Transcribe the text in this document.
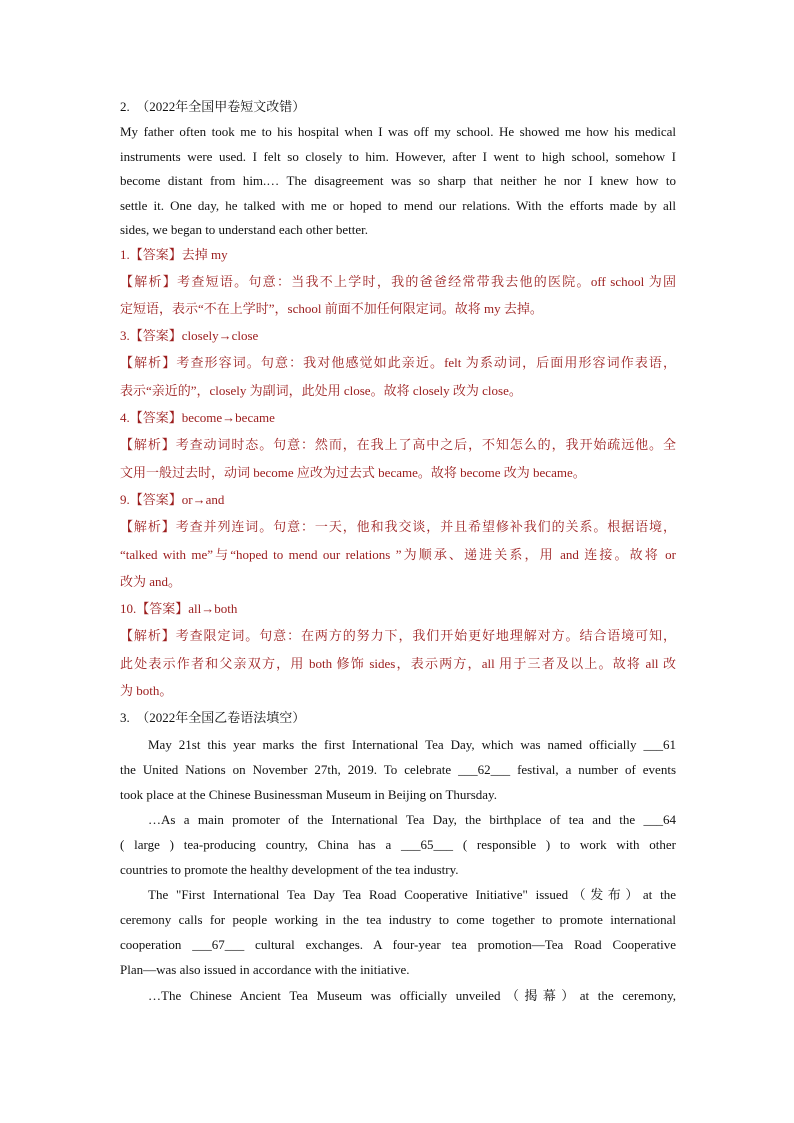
2.　（2022年全国甲卷短文改错）
My father often took me to his hospital when I was off my school. He showed me how his medical
instruments were used. I felt so closely to him. However, after I went to high school, somehow I
become distant from him.… The disagreement was so sharp that neither he nor I knew how to
settle it. One day, he talked with me or hoped to mend our relations. With the efforts made by all
sides, we began to understand each other better.
1.【答案】去掉 my
【解析】考查短语。句意：当我不上学时，我的爸爸经常带我去他的医院。off school 为固
定短语，表示“不在上学时”，school 前面不加任何限定词。故将 my 去掉。
3.【答案】closely→close
【解析】考查形容词。句意：我对他感觉如此亲近。felt 为系动词，后面用形容词作表语，
表示“亲近的”，closely 为副词，此处用 close。故将 closely 改为 close。
4.【答案】become→became
【解析】考查动词时态。句意：然而，在我上了高中之后，不知怎么的，我开始疏远他。全
文用一般过去时，动词 become 应改为过去式 became。故将 become 改为 became。
9.【答案】or→and
【解析】考查并列连词。句意：一天，他和我交谈，并且希望修补我们的关系。根据语境，
“talked with me”与“hoped to mend our relations ”为顺承、递进关系，用 and 连接。故将 or
改为 and。
10.【答案】all→both
【解析】考查限定词。句意：在两方的努力下，我们开始更好地理解对方。结合语境可知，
此处表示作者和父亲双方，用 both 修饰 sides，表示两方，all 用于三者及以上。故将 all 改
为 both。
3.　（2022年全国乙卷语法填空）
May 21st this year marks the first International Tea Day, which was named officially ___61
the United Nations on November 27th, 2019. To celebrate ___62___ festival, a number of events
took place at the Chinese Businessman Museum in Beijing on Thursday.
…As a main promoter of the International Tea Day, the birthplace of tea and the ___64
( large ) tea-producing country, China has a ___65___ ( responsible ) to work with other
countries to promote the healthy development of the tea industry.
The "First International Tea Day Tea Road Cooperative Initiative" issued（发布）at the
ceremony calls for people working in the tea industry to come together to promote international
cooperation ___67___ cultural exchanges. A four-year tea promotion—Tea Road Cooperative
Plan—was also issued in accordance with the initiative.
…The Chinese Ancient Tea Museum was officially unveiled（揭幕）at the ceremony,
